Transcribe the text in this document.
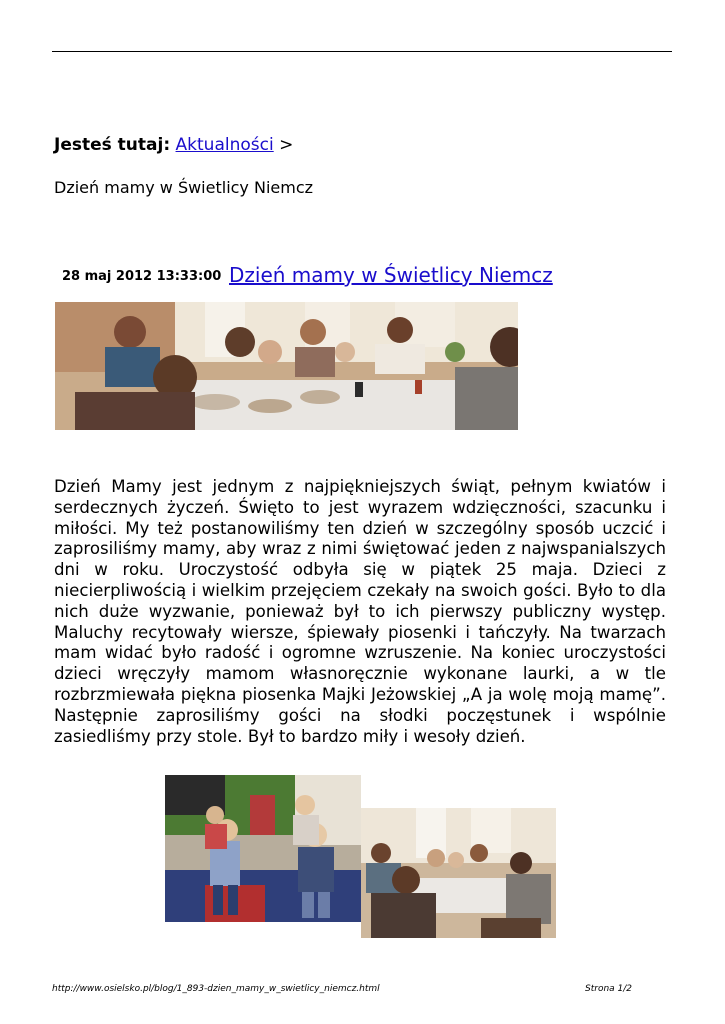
Jesteś tutaj: Aktualności >
Dzień mamy w Świetlicy Niemcz
28 maj 2012 13:33:00 Dzień mamy w Świetlicy Niemcz
Dzień Mamy jest jednym z najpiękniejszych świąt, pełnym kwiatów i serdecznych życzeń. Święto to jest wyrazem wdzięczności, szacunku i miłości. My też postanowiliśmy ten dzień w szczególny sposób uczcić i zaprosiliśmy mamy, aby wraz z nimi świętować jeden z najwspanialszych dni w roku. Uroczystość odbyła się w piątek 25 maja. Dzieci z niecierpliwością i wielkim przejęciem czekały na swoich gości. Było to dla nich duże wyzwanie, ponieważ był to ich pierwszy publiczny występ. Maluchy recytowały wiersze, śpiewały piosenki i tańczyły. Na twarzach mam widać było radość i ogromne wzruszenie. Na koniec uroczystości dzieci wręczyły mamom własnoręcznie wykonane laurki, a w tle rozbrzmiewała piękna piosenka Majki Jeżowskiej „A ja wolę moją mamę”. Następnie zaprosiliśmy gości na słodki poczęstunek i wspólnie zasiedliśmy przy stole. Był to bardzo miły i wesoły dzień.
http://www.osielsko.pl/blog/1_893-dzien_mamy_w_swietlicy_niemcz.html	Strona 1/2
